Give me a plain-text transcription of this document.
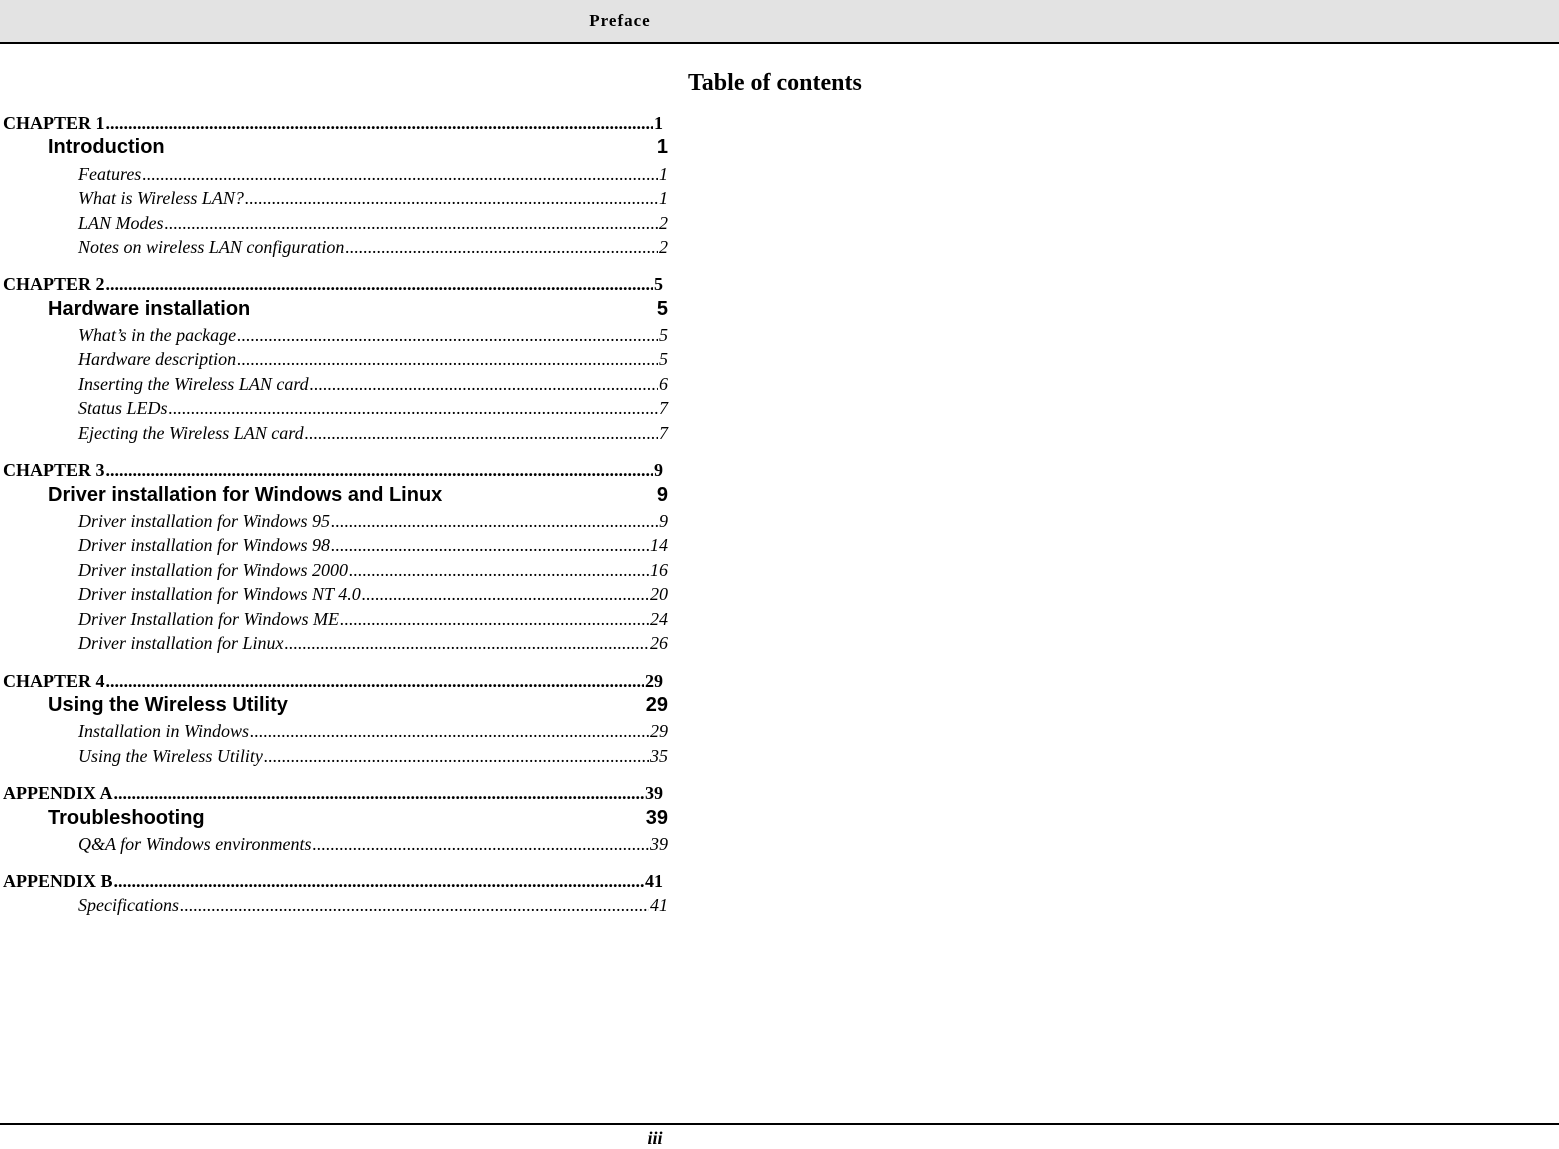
Preface
Table of contents
CHAPTER 1 .....	1
Introduction	1
Features .....	1
What is Wireless LAN? .....	1
LAN Modes .....	2
Notes on wireless LAN configuration .....	2
CHAPTER 2 .....	5
Hardware installation	5
What’s in the package .....	5
Hardware description .....	5
Inserting the Wireless LAN card .....	6
Status LEDs .....	7
Ejecting the Wireless LAN card .....	7
CHAPTER 3 .....	9
Driver installation for Windows and Linux	9
Driver installation for Windows 95 .....	9
Driver installation for Windows 98 .....	14
Driver installation for Windows 2000 .....	16
Driver installation for Windows NT 4.0 .....	20
Driver Installation for Windows ME .....	24
Driver installation for Linux .....	26
CHAPTER 4 .....	29
Using the Wireless Utility	29
Installation in Windows .....	29
Using the Wireless Utility .....	35
APPENDIX A .....	39
Troubleshooting	39
Q&A for Windows environments .....	39
APPENDIX B .....	41
Specifications .....	41
iii
